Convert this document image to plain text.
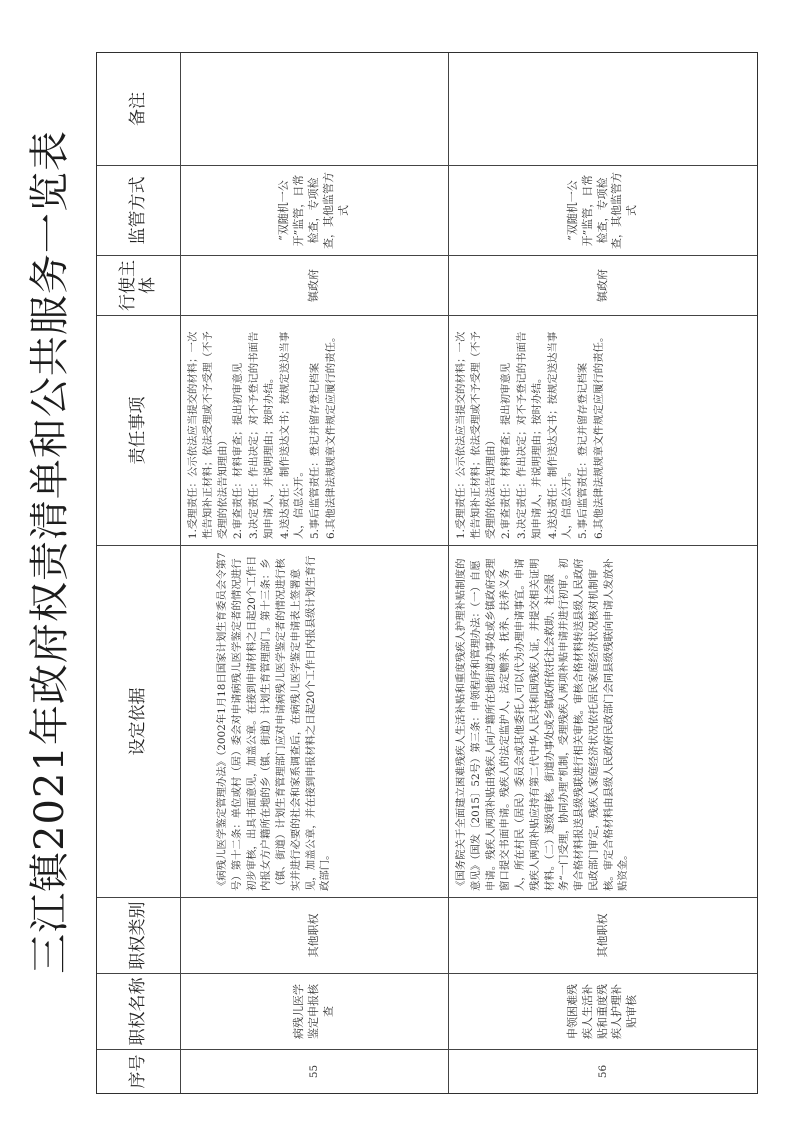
三江镇2021年政府权责清单和公共服务一览表
序号
职权名称
职权类别
设定依据
责任事项
行使主体
监管方式
备注
55
病残儿医学鉴定申报核查
其他职权
《病残儿医学鉴定管理办法》（2002年1月18日国家计划生育委员会令第7号）第十二条：单位或村（居）委会对申请病残儿医学鉴定者的情况进行初步审核，出具书面意见，加盖公章。在接到申请材料之日起20个工作日内报女方户籍所在地的乡（镇、街道）计划生育管理部门。第十三条：乡（镇、街道）计划生育管理部门应对申请病残儿医学鉴定者的情况进行核实并进行必要的社会和家系调查后，在病残儿医学鉴定申请表上签署意见，加盖公章，并在接到申报材料之日起20个工作日内报县级计划生育行政部门。
1.受理责任：公示依法应当提交的材料；一次性告知补正材料；依法受理或不予受理（不予受理的依法告知理由） 2.审查责任：材料审查；提出初审意见 3.决定责任：作出决定；对不予登记的书面告知申请人，并说明理由；按时办结。 4.送达责任：制作送达文书；按规定送达当事人，信息公开。 5.事后监管责任：登记并留存登记档案 6.其他法律法规规章文件规定应履行的责任。
镇政府
“双随机一公开”监管，日常检查，专项检查，其他监管方式
56
申领困难残疾人生活补贴和重度残疾人护理补贴审核
其他职权
《国务院关于全面建立困难残疾人生活补贴和重度残疾人护理补贴制度的意见》（国发〔2015〕52号）第三条：申领程序和管理办法：（一）自愿申请。残疾人两项补贴由残疾人向户籍所在地街道办事处或乡镇政府受理窗口提交书面申请。残疾人的法定监护人，法定赡养、抚养、扶养义务人，所在村民（居民）委员会或其他委托人可以代为办理申请事宜。申请残疾人两项补贴应持有第二代中华人民共和国残疾人证，并提交相关证明材料。（二）逐级审核。街道办事处或乡镇政府依托社会救助、社会服务“一门受理，协同办理”机制，受理残疾人两项补贴申请并进行初审。初审合格材料报送县级残联进行相关审核。审核合格材料转送县级人民政府民政部门审定，残疾人家庭经济状况依托居民家庭经济状况核对机制审核。审定合格材料由县级人民政府民政部门会同县级残联向申请人发放补贴资金。
1.受理责任：公示依法应当提交的材料；一次性告知补正材料；依法受理或不予受理（不予受理的依法告知理由） 2.审查责任：材料审查；提出初审意见 3.决定责任：作出决定；对不予登记的书面告知申请人，并说明理由；按时办结。 4.送达责任：制作送达文书；按规定送达当事人，信息公开。 5.事后监管责任：登记并留存登记档案 6.其他法律法规规章文件规定应履行的责任。
镇政府
“双随机一公开”监管，日常检查，专项检查，其他监管方式
